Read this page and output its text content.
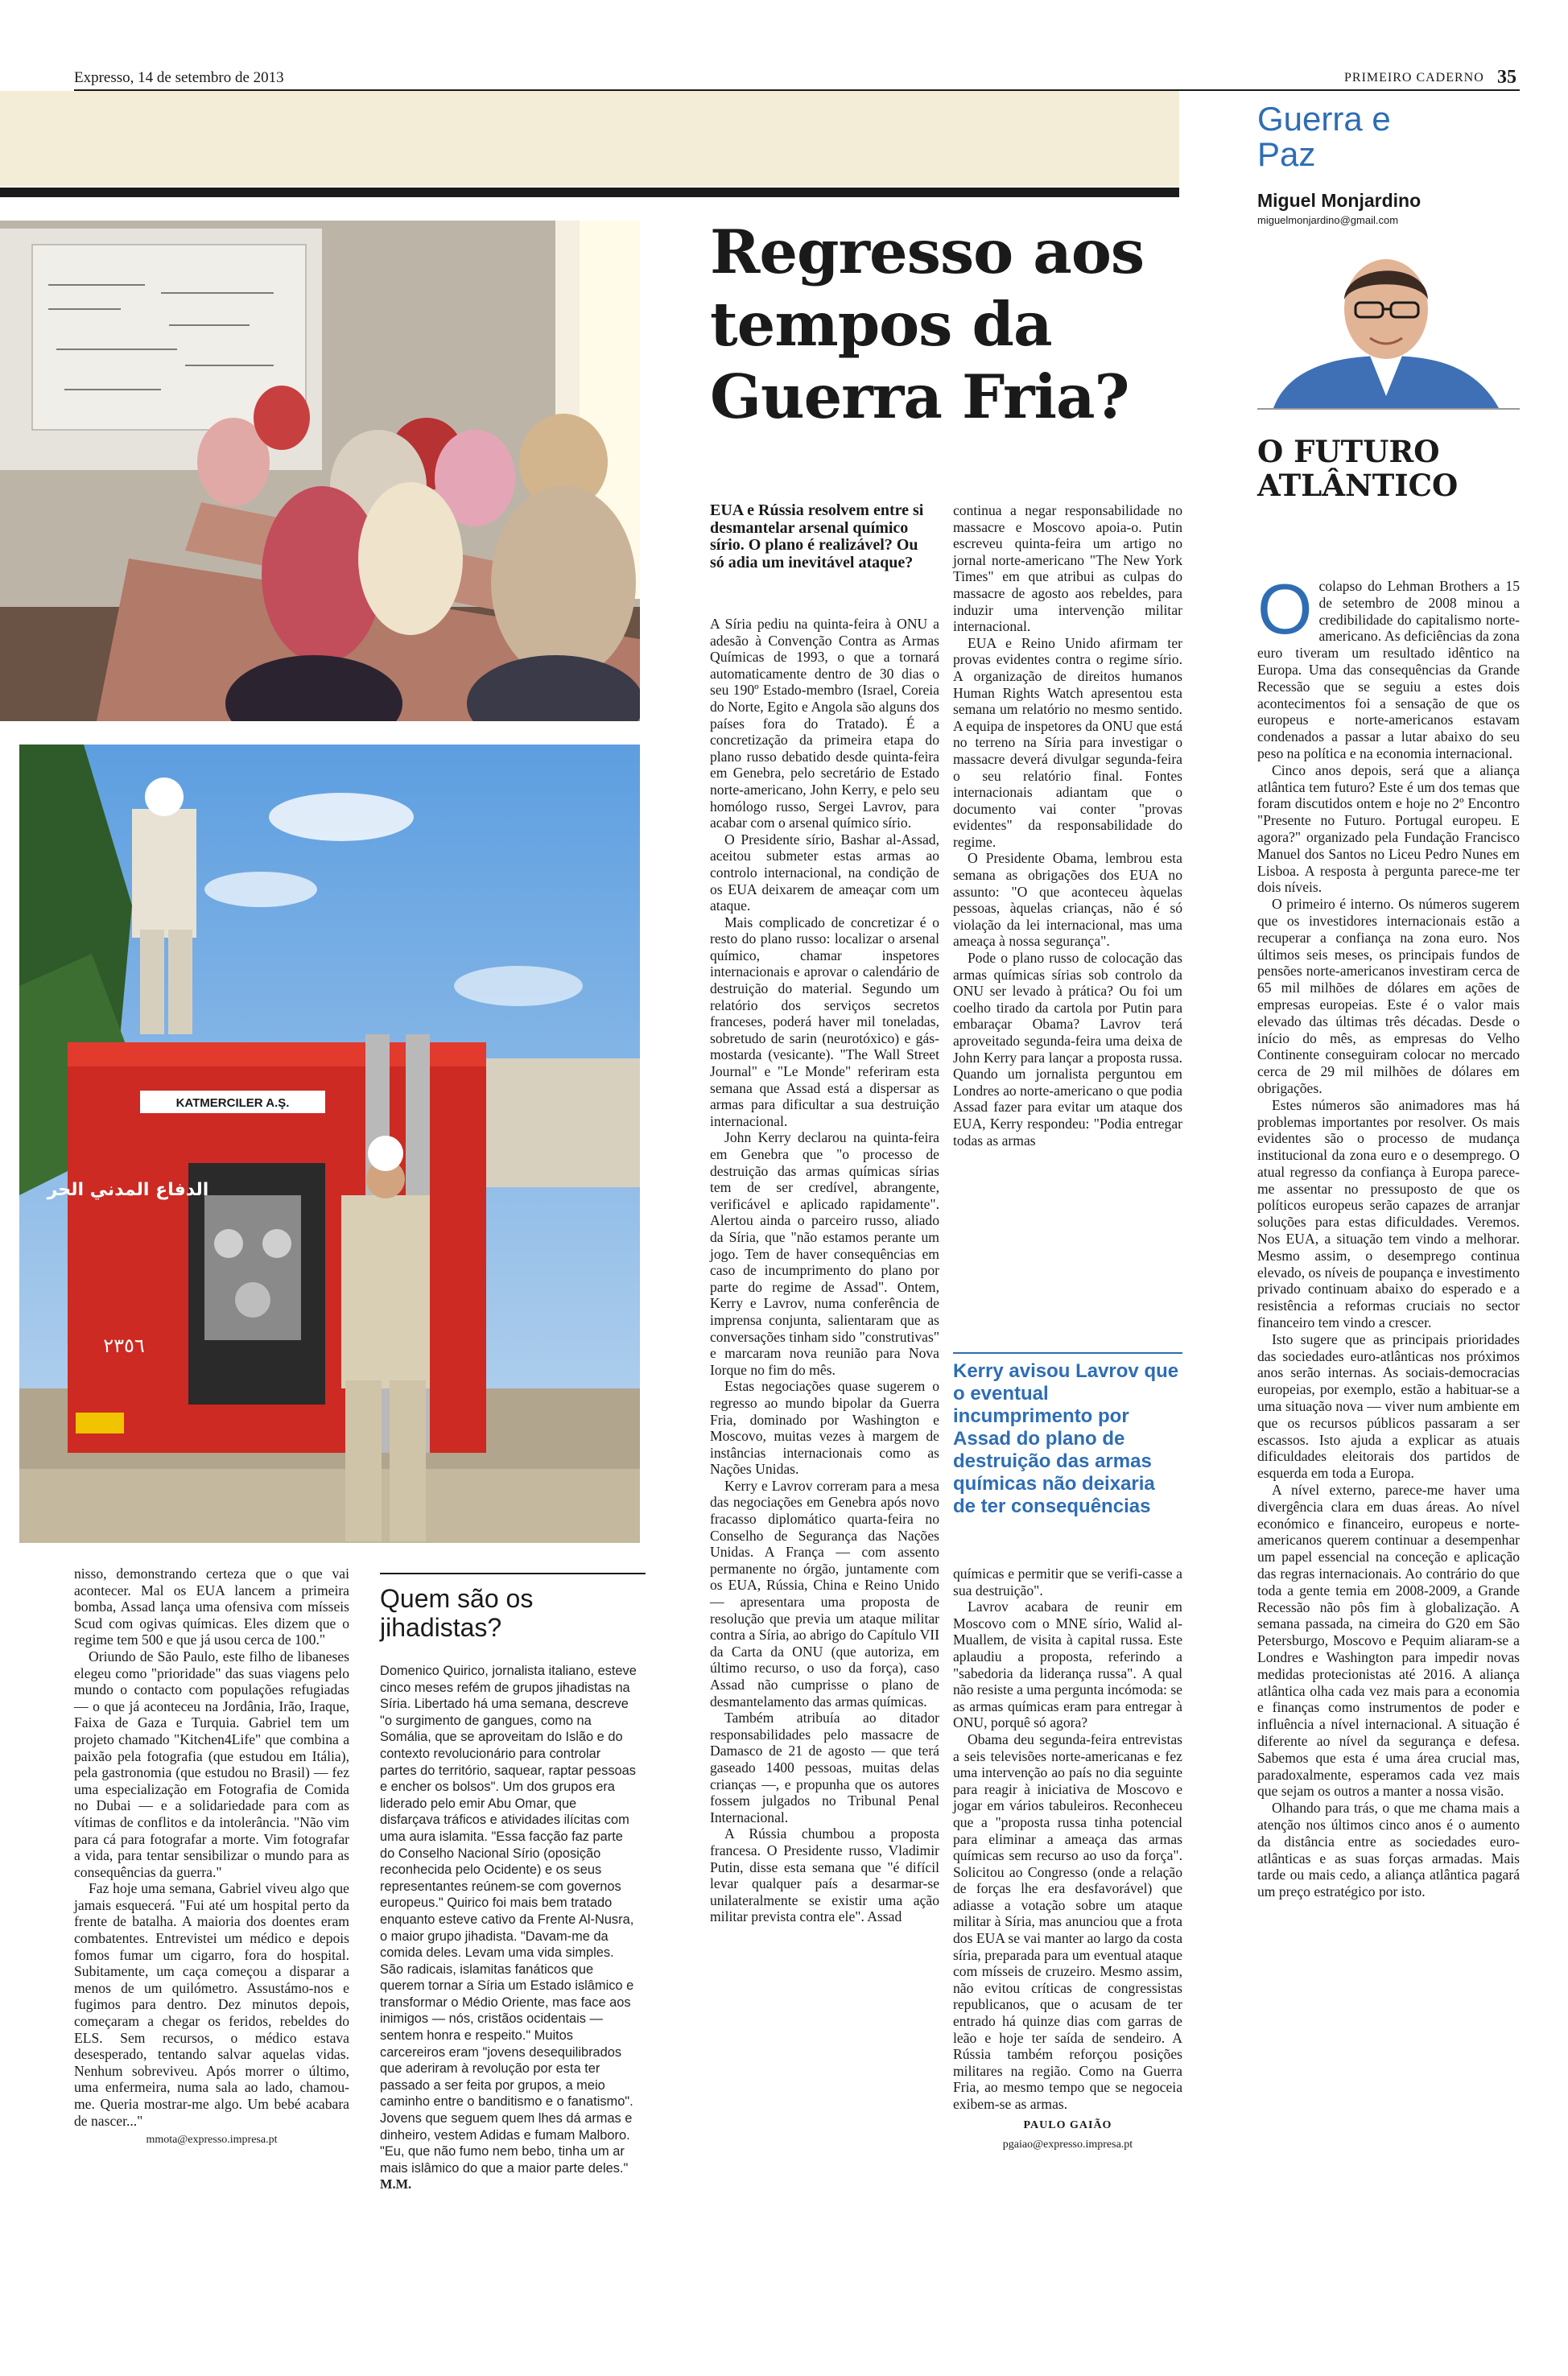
Expresso, 14 de setembro de 2013	PRIMEIRO CADERNO 35
KATMERCILER A.Ş.
الدفاع المدني الحر
٢٣٥٦
Regresso aos tempos da Guerra Fria?
EUA e Rússia resolvem entre si desmantelar arsenal químico sírio. O plano é realizável? Ou só adia um inevitável ataque?

A Síria pediu na quinta-feira à ONU a adesão à Convenção Contra as Armas Químicas de 1993, o que a tornará automaticamente dentro de 30 dias o seu 190º Estado-membro (Israel, Coreia do Norte, Egito e Angola são alguns dos países fora do Tratado). É a concretização da primeira etapa do plano russo debatido desde quinta-feira em Genebra, pelo secretário de Estado norte-americano, John Kerry, e pelo seu homólogo russo, Sergei Lavrov, para acabar com o arsenal químico sírio.

O Presidente sírio, Bashar al-Assad, aceitou submeter estas armas ao controlo internacional, na condição de os EUA deixarem de ameaçar com um ataque.

Mais complicado de concretizar é o resto do plano russo: localizar o arsenal químico, chamar inspetores internacionais e aprovar o calendário de destruição do material. Segundo um relatório dos serviços secretos franceses, poderá haver mil toneladas, sobretudo de sarin (neurotóxico) e gás-mostarda (vesicante). "The Wall Street Journal" e "Le Monde" referiram esta semana que Assad está a dispersar as armas para dificultar a sua destruição internacional.

John Kerry declarou na quinta-feira em Genebra que "o processo de destruição das armas químicas sírias tem de ser credível, abrangente, verificável e aplicado rapidamente". Alertou ainda o parceiro russo, aliado da Síria, que "não estamos perante um jogo. Tem de haver consequências em caso de incumprimento do plano por parte do regime de Assad". Ontem, Kerry e Lavrov, numa conferência de imprensa conjunta, salientaram que as conversações tinham sido "construtivas" e marcaram nova reunião para Nova Iorque no fim do mês.

Estas negociações quase sugerem o regresso ao mundo bipolar da Guerra Fria, dominado por Washington e Moscovo, muitas vezes à margem de instâncias internacionais como as Nações Unidas.

Kerry e Lavrov correram para a mesa das negociações em Genebra após novo fracasso diplomático quarta-feira no Conselho de Segurança das Nações Unidas. A França — com assento permanente no órgão, juntamente com os EUA, Rússia, China e Reino Unido — apresentara uma proposta de resolução que previa um ataque militar contra a Síria, ao abrigo do Capítulo VII da Carta da ONU (que autoriza, em último recurso, o uso da força), caso Assad não cumprisse o plano de desmantelamento das armas químicas.

Também atribuía ao ditador responsabilidades pelo massacre de Damasco de 21 de agosto — que terá gaseado 1400 pessoas, muitas delas crianças —, e propunha que os autores fossem julgados no Tribunal Penal Internacional.

A Rússia chumbou a proposta francesa. O Presidente russo, Vladimir Putin, disse esta semana que "é difícil levar qualquer país a desarmar-se unilateralmente se existir uma ação militar prevista contra ele". Assad

continua a negar responsabilidade no massacre e Moscovo apoia-o. Putin escreveu quinta-feira um artigo no jornal norte-americano "The New York Times" em que atribui as culpas do massacre de agosto aos rebeldes, para induzir uma intervenção militar internacional.

EUA e Reino Unido afirmam ter provas evidentes contra o regime sírio. A organização de direitos humanos Human Rights Watch apresentou esta semana um relatório no mesmo sentido. A equipa de inspetores da ONU que está no terreno na Síria para investigar o massacre deverá divulgar segunda-feira o seu relatório final. Fontes internacionais adiantam que o documento vai conter "provas evidentes" da responsabilidade do regime.

O Presidente Obama, lembrou esta semana as obrigações dos EUA no assunto: "O que aconteceu àquelas pessoas, àquelas crianças, não é só violação da lei internacional, mas uma ameaça à nossa segurança".

Pode o plano russo de colocação das armas químicas sírias sob controlo da ONU ser levado à prática? Ou foi um coelho tirado da cartola por Putin para embaraçar Obama? Lavrov terá aproveitado segunda-feira uma deixa de John Kerry para lançar a proposta russa. Quando um jornalista perguntou em Londres ao norte-americano o que podia Assad fazer para evitar um ataque dos EUA, Kerry respondeu: "Podia entregar todas as armas

Kerry avisou Lavrov que o eventual incumprimento por Assad do plano de destruição das armas químicas não deixaria de ter consequências

químicas e permitir que se verifi-casse a sua destruição".

Lavrov acabara de reunir em Moscovo com o MNE sírio, Walid al-Muallem, de visita à capital russa. Este aplaudiu a proposta, referindo a "sabedoria da liderança russa". A qual não resiste a uma pergunta incómoda: se as armas químicas eram para entregar à ONU, porquê só agora?

Obama deu segunda-feira entrevistas a seis televisões norte-americanas e fez uma intervenção ao país no dia seguinte para reagir à iniciativa de Moscovo e jogar em vários tabuleiros. Reconheceu que a "proposta russa tinha potencial para eliminar a ameaça das armas químicas sem recurso ao uso da força". Solicitou ao Congresso (onde a relação de forças lhe era desfavorável) que adiasse a votação sobre um ataque militar à Síria, mas anunciou que a frota dos EUA se vai manter ao largo da costa síria, preparada para um eventual ataque com mísseis de cruzeiro. Mesmo assim, não evitou críticas de congressistas republicanos, que o acusam de ter entrado há quinze dias com garras de leão e hoje ter saída de sendeiro. A Rússia também reforçou posições militares na região. Como na Guerra Fria, ao mesmo tempo que se negoceia exibem-se as armas.

PAULO GAIÃO
pgaiao@expresso.impresa.pt

nisso, demonstrando certeza que o que vai acontecer. Mal os EUA lancem a primeira bomba, Assad lança uma ofensiva com mísseis Scud com ogivas químicas. Eles dizem que o regime tem 500 e que já usou cerca de 100."

Oriundo de São Paulo, este filho de libaneses elegeu como "prioridade" das suas viagens pelo mundo o contacto com populações refugiadas — o que já aconteceu na Jordânia, Irão, Iraque, Faixa de Gaza e Turquia. Gabriel tem um projeto chamado "Kitchen4Life" que combina a paixão pela fotografia (que estudou em Itália), pela gastronomia (que estudou no Brasil) — fez uma especialização em Fotografia de Comida no Dubai — e a solidariedade para com as vítimas de conflitos e da intolerância. "Não vim para cá para fotografar a morte. Vim fotografar a vida, para tentar sensibilizar o mundo para as consequências da guerra."

Faz hoje uma semana, Gabriel viveu algo que jamais esquecerá. "Fui até um hospital perto da frente de batalha. A maioria dos doentes eram combatentes. Entrevistei um médico e depois fomos fumar um cigarro, fora do hospital. Subitamente, um caça começou a disparar a menos de um quilómetro. Assustámo-nos e fugimos para dentro. Dez minutos depois, começaram a chegar os feridos, rebeldes do ELS. Sem recursos, o médico estava desesperado, tentando salvar aquelas vidas. Nenhum sobreviveu. Após morrer o último, uma enfermeira, numa sala ao lado, chamou-me. Queria mostrar-me algo. Um bebé acabara de nascer..."

mmota@expresso.impresa.pt
Quem são os jihadistas?
Domenico Quirico, jornalista italiano, esteve cinco meses refém de grupos jihadistas na Síria. Libertado há uma semana, descreve "o surgimento de gangues, como na Somália, que se aproveitam do Islão e do contexto revolucionário para controlar partes do território, saquear, raptar pessoas e encher os bolsos". Um dos grupos era liderado pelo emir Abu Omar, que disfarçava tráficos e atividades ilícitas com uma aura islamita. "Essa facção faz parte do Conselho Nacional Sírio (oposição reconhecida pelo Ocidente) e os seus representantes reúnem-se com governos europeus." Quirico foi mais bem tratado enquanto esteve cativo da Frente Al-Nusra, o maior grupo jihadista. "Davam-me da comida deles. Levam uma vida simples. São radicais, islamitas fanáticos que querem tornar a Síria um Estado islâmico e transformar o Médio Oriente, mas face aos inimigos — nós, cristãos ocidentais — sentem honra e respeito." Muitos carcereiros eram "jovens desequilibrados que aderiram à revolução por esta ter passado a ser feita por grupos, a meio caminho entre o banditismo e o fanatismo". Jovens que seguem quem lhes dá armas e dinheiro, vestem Adidas e fumam Malboro. "Eu, que não fumo nem bebo, tinha um ar mais islâmico do que a maior parte deles." M.M.
Guerra e Paz
Miguel Monjardino
miguelmonjardino@gmail.com
O FUTURO ATLÂNTICO

Ocolapso do Lehman Brothers a 15 de setembro de 2008 minou a credibilidade do capitalismo norte-americano. As deficiências da zona euro tiveram um resultado idêntico na Europa. Uma das consequências da Grande Recessão que se seguiu a estes dois acontecimentos foi a sensação de que os europeus e norte-americanos estavam condenados a passar a lutar abaixo do seu peso na política e na economia internacional.

Cinco anos depois, será que a aliança atlântica tem futuro? Este é um dos temas que foram discutidos ontem e hoje no 2º Encontro "Presente no Futuro. Portugal europeu. E agora?" organizado pela Fundação Francisco Manuel dos Santos no Liceu Pedro Nunes em Lisboa. A resposta à pergunta parece-me ter dois níveis.

O primeiro é interno. Os números sugerem que os investidores internacionais estão a recuperar a confiança na zona euro. Nos últimos seis meses, os principais fundos de pensões norte-americanos investiram cerca de 65 mil milhões de dólares em ações de empresas europeias. Este é o valor mais elevado das últimas três décadas. Desde o início do mês, as empresas do Velho Continente conseguiram colocar no mercado cerca de 29 mil milhões de dólares em obrigações.

Estes números são animadores mas há problemas importantes por resolver. Os mais evidentes são o processo de mudança institucional da zona euro e o desemprego. O atual regresso da confiança à Europa parece-me assentar no pressuposto de que os políticos europeus serão capazes de arranjar soluções para estas dificuldades. Veremos. Nos EUA, a situação tem vindo a melhorar. Mesmo assim, o desemprego continua elevado, os níveis de poupança e investimento privado continuam abaixo do esperado e a resistência a reformas cruciais no sector financeiro tem vindo a crescer.

Isto sugere que as principais prioridades das sociedades euro-atlânticas nos próximos anos serão internas. As sociais-democracias europeias, por exemplo, estão a habituar-se a uma situação nova — viver num ambiente em que os recursos públicos passaram a ser escassos. Isto ajuda a explicar as atuais dificuldades eleitorais dos partidos de esquerda em toda a Europa.

A nível externo, parece-me haver uma divergência clara em duas áreas. Ao nível económico e financeiro, europeus e norte-americanos querem continuar a desempenhar um papel essencial na conceção e aplicação das regras internacionais. Ao contrário do que toda a gente temia em 2008-2009, a Grande Recessão não pôs fim à globalização. A semana passada, na cimeira do G20 em São Petersburgo, Moscovo e Pequim aliaram-se a Londres e Washington para impedir novas medidas protecionistas até 2016. A aliança atlântica olha cada vez mais para a economia e finanças como instrumentos de poder e influência a nível internacional. A situação é diferente ao nível da segurança e defesa. Sabemos que esta é uma área crucial mas, paradoxalmente, esperamos cada vez mais que sejam os outros a manter a nossa visão.

Olhando para trás, o que me chama mais a atenção nos últimos cinco anos é o aumento da distância entre as sociedades euro-atlânticas e as suas forças armadas. Mais tarde ou mais cedo, a aliança atlântica pagará um preço estratégico por isto.
